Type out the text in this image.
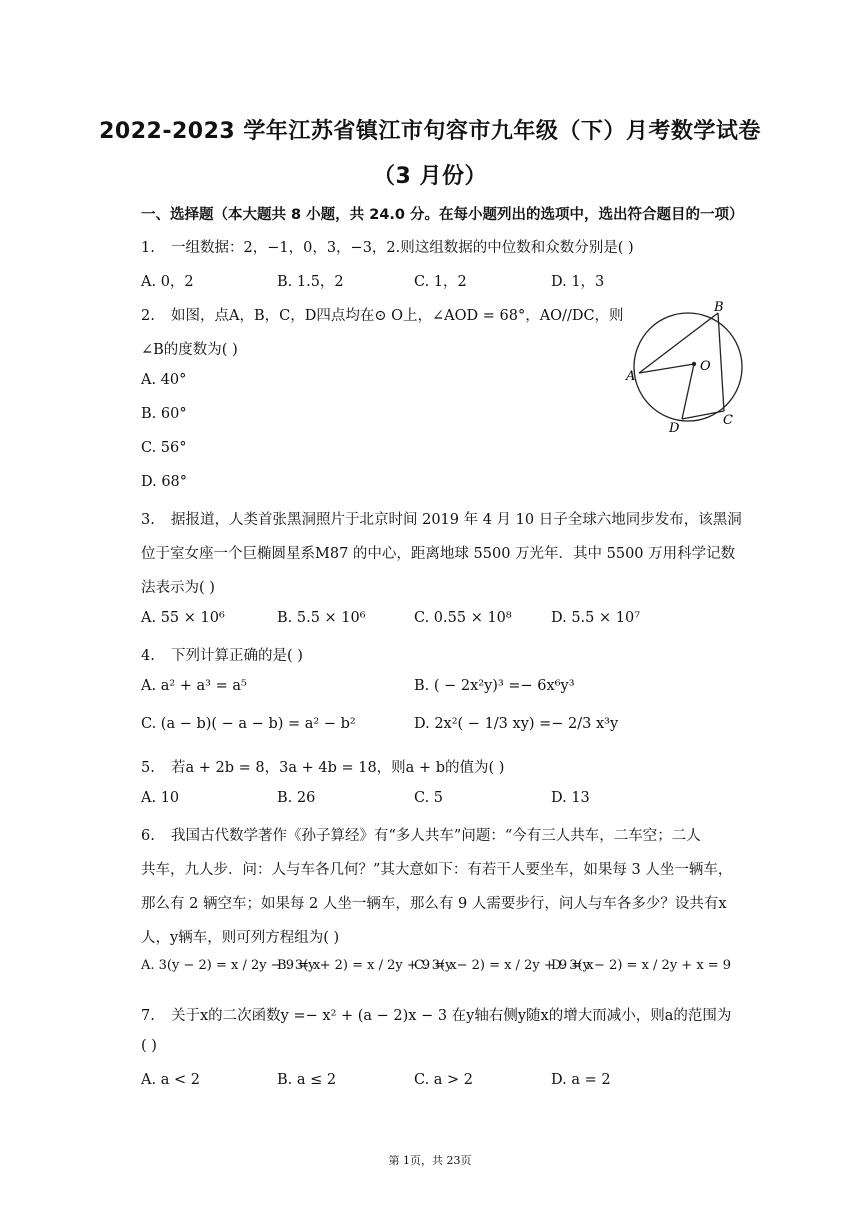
2022-2023 学年江苏省镇江市句容市九年级（下）月考数学试卷
（3 月份）
一、选择题（本大题共 8 小题，共 24.0 分。在每小题列出的选项中，选出符合题目的一项）
1. 一组数据：2，−1，0，3，−3，2.则这组数据的中位数和众数分别是( )
A. 0，2	B. 1.5，2	C. 1，2	D. 1，3
2. 如图，点A，B，C，D四点均在⊙ O上，∠AOD = 68°，AO//DC，则
∠B的度数为( )
A. 40°
B. 60°
C. 56°
D. 68°
A
B
C
D
O
3. 据报道，人类首张黑洞照片于北京时间 2019 年 4 月 10 日子全球六地同步发布，该黑洞
位于室女座一个巨椭圆星系M87 的中心，距离地球 5500 万光年．其中 5500 万用科学记数
法表示为( )
A. 55 × 10⁶	B. 5.5 × 10⁶	C. 0.55 × 10⁸	D. 5.5 × 10⁷
4. 下列计算正确的是( )
A. a² + a³ = a⁵	B. ( − 2x²y)³ =− 6x⁶y³
C. (a − b)( − a − b) = a² − b²	D. 2x²( − 1/3 xy) =− 2/3 x³y
5. 若a + 2b = 8，3a + 4b = 18，则a + b的值为( )
A. 10	B. 26	C. 5	D. 13
6. 我国古代数学著作《孙子算经》有“多人共车”问题：“今有三人共车，二车空；二人
共车，九人步．问：人与车各几何？”其大意如下：有若干人要坐车，如果每 3 人坐一辆车，
那么有 2 辆空车；如果每 2 人坐一辆车，那么有 9 人需要步行，问人与车各多少？设共有x
人，y辆车，则可列方程组为( )
A. 3(y − 2) = x / 2y − 9 = x
B. 3(y + 2) = x / 2y + 9 = x
C. 3(y − 2) = x / 2y + 9 = x
D. 3(y − 2) = x / 2y + x = 9
7. 关于x的二次函数y =− x² + (a − 2)x − 3 在y轴右侧y随x的增大而减小，则a的范围为
( )
A. a < 2	B. a ≤ 2	C. a > 2	D. a = 2
第 1页，共 23页
